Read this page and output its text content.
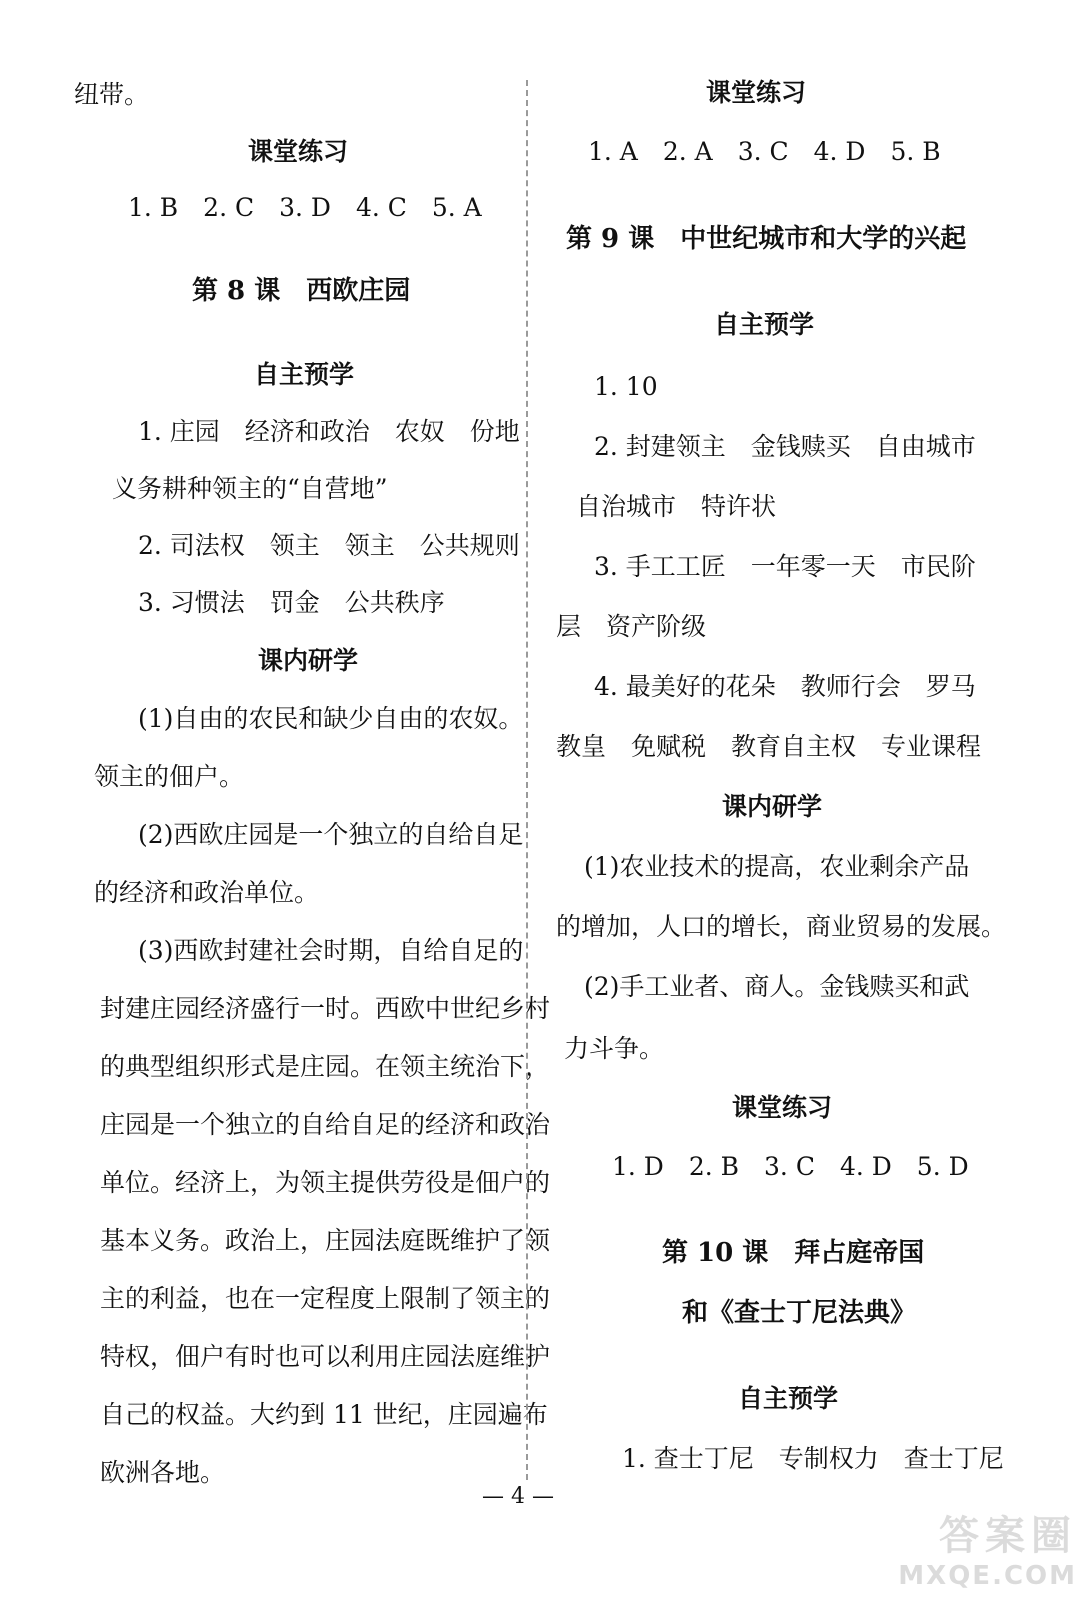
纽带。
课堂练习
1. B　2. C　3. D　4. C　5. A
第 8 课　西欧庄园
自主预学
1. 庄园　经济和政治　农奴　份地
义务耕种领主的“自营地”
2. 司法权　领主　领主　公共规则
3. 习惯法　罚金　公共秩序
课内研学
(1)自由的农民和缺少自由的农奴。
领主的佃户。
(2)西欧庄园是一个独立的自给自足
的经济和政治单位。
(3)西欧封建社会时期，自给自足的
封建庄园经济盛行一时。西欧中世纪乡村
的典型组织形式是庄园。在领主统治下，
庄园是一个独立的自给自足的经济和政治
单位。经济上，为领主提供劳役是佃户的
基本义务。政治上，庄园法庭既维护了领
主的利益，也在一定程度上限制了领主的
特权，佃户有时也可以利用庄园法庭维护
自己的权益。大约到 11 世纪，庄园遍布
欧洲各地。
课堂练习
1. A　2. A　3. C　4. D　5. B
第 9 课　中世纪城市和大学的兴起
自主预学
1. 10
2. 封建领主　金钱赎买　自由城市
自治城市　特许状
3. 手工工匠　一年零一天　市民阶
层　资产阶级
4. 最美好的花朵　教师行会　罗马
教皇　免赋税　教育自主权　专业课程
课内研学
(1)农业技术的提高，农业剩余产品
的增加，人口的增长，商业贸易的发展。
(2)手工业者、商人。金钱赎买和武
力斗争。
课堂练习
1. D　2. B　3. C　4. D　5. D
第 10 课　拜占庭帝国
和《查士丁尼法典》
自主预学
1. 查士丁尼　专制权力　查士丁尼
— 4 —
答案圈
MXQE.COM
